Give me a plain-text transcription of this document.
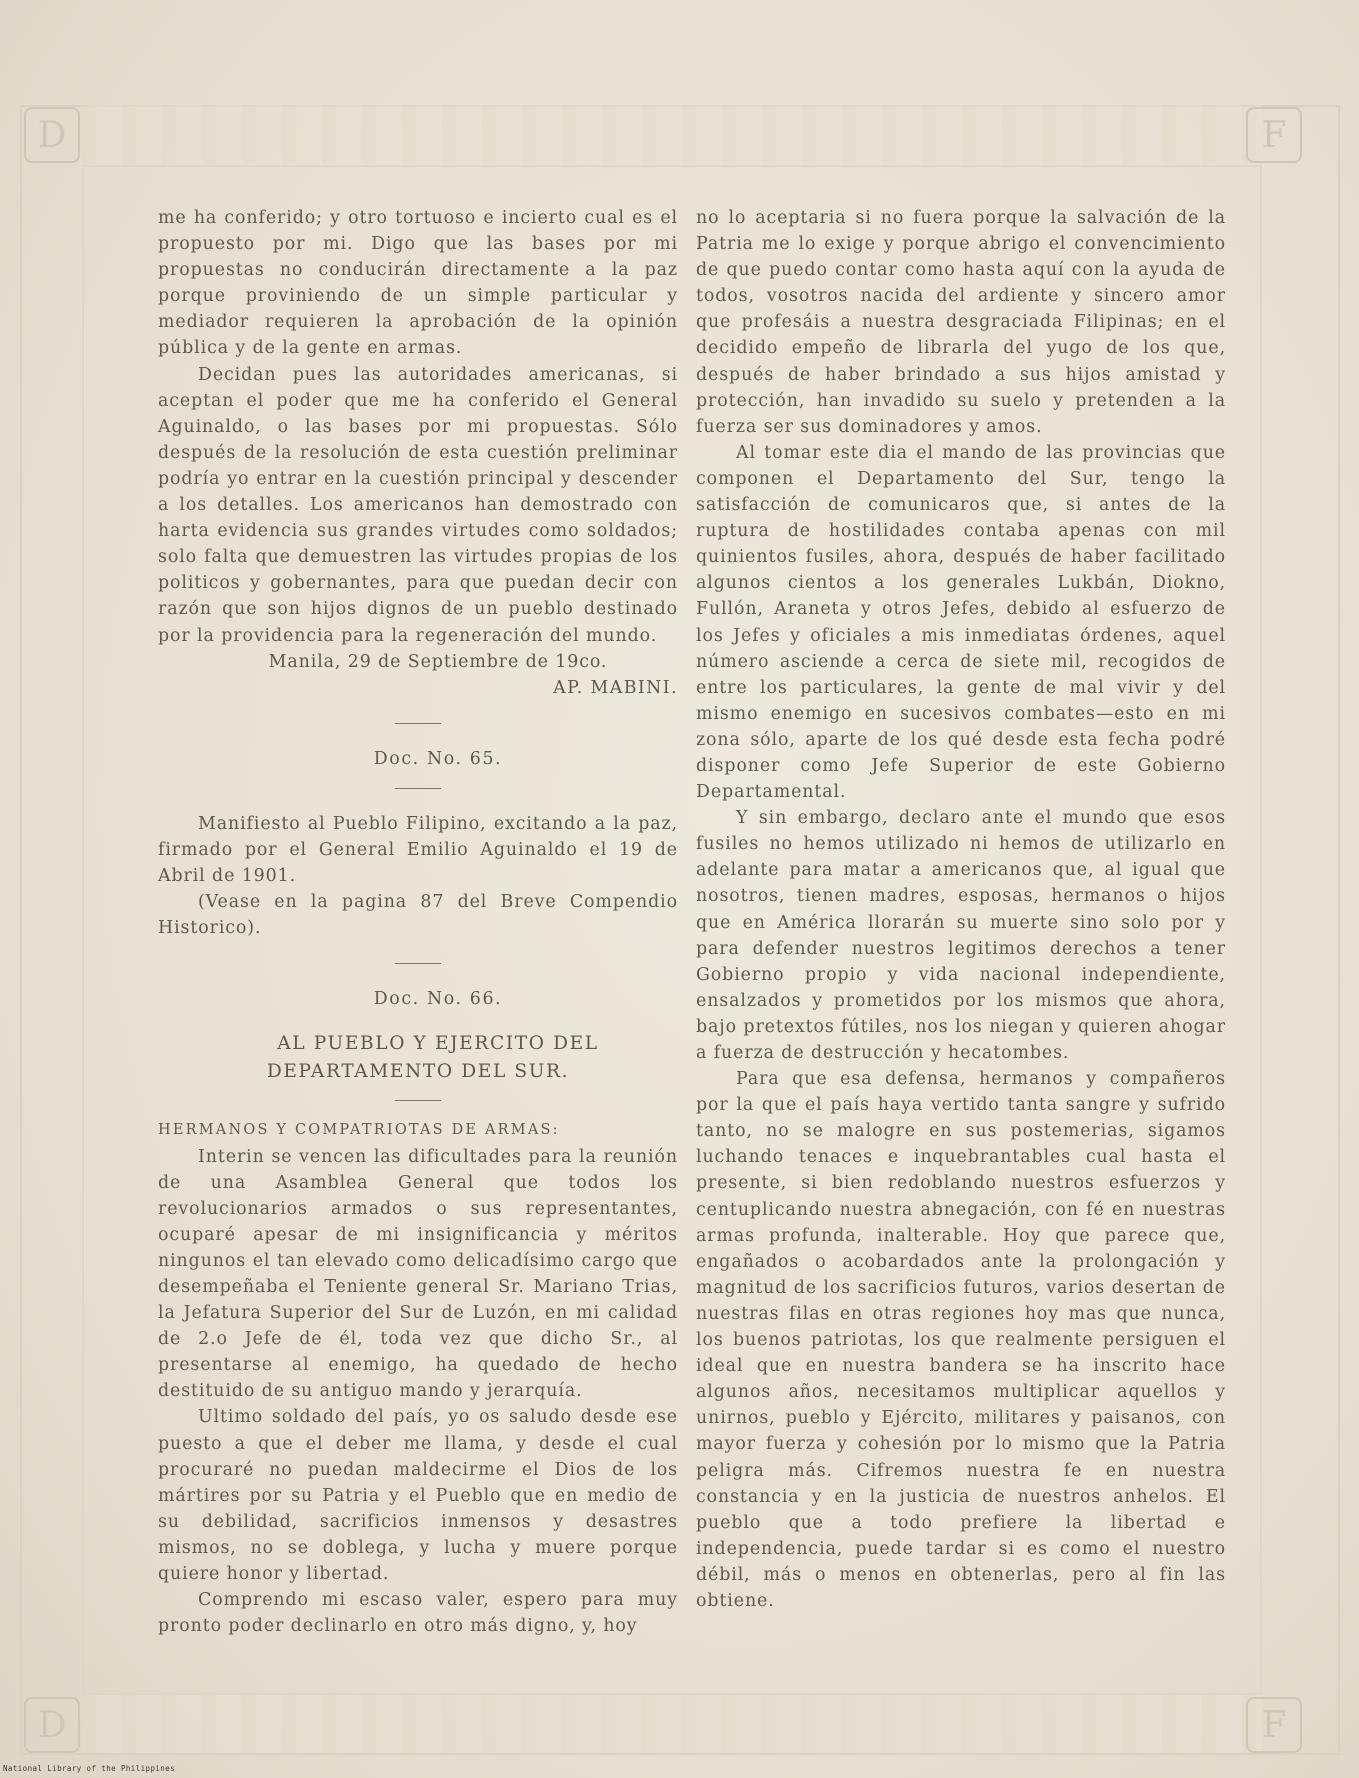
D	F
D	F

me ha conferido; y otro tortuoso e incierto cual es el propuesto por mi. Digo que las bases por mi propuestas no conducirán directamente a la paz porque proviniendo de un simple particular y mediador requieren la aprobación de la opinión pública y de la gente en armas.

Decidan pues las autoridades americanas, si aceptan el poder que me ha conferido el General Aguinaldo, o las bases por mi propuestas. Sólo después de la resolución de esta cuestión preliminar podría yo entrar en la cuestión principal y descender a los detalles. Los americanos han demostrado con harta evidencia sus grandes virtudes como soldados; solo falta que demuestren las virtudes propias de los politicos y gobernantes, para que puedan decir con razón que son hijos dignos de un pueblo destinado por la providencia para la regeneración del mundo.

Manila, 29 de Septiembre de 19co.

AP. MABINI.

Doc. No. 65.

Manifiesto al Pueblo Filipino, excitando a la paz, firmado por el General Emilio Aguinaldo el 19 de Abril de 1901.

(Vease en la pagina 87 del Breve Compendio Historico).

Doc. No. 66.

AL PUEBLO Y EJERCITO DEL DEPARTAMENTO DEL SUR.

HERMANOS Y COMPATRIOTAS DE ARMAS:

Interin se vencen las dificultades para la reunión de una Asamblea General que todos los revolucionarios armados o sus representantes, ocuparé apesar de mi insignificancia y méritos ningunos el tan elevado como delicadísimo cargo que desempeñaba el Teniente general Sr. Mariano Trias, la Jefatura Superior del Sur de Luzón, en mi calidad de 2.o Jefe de él, toda vez que dicho Sr., al presentarse al enemigo, ha quedado de hecho destituido de su antiguo mando y jerarquía.

Ultimo soldado del país, yo os saludo desde ese puesto a que el deber me llama, y desde el cual procuraré no puedan maldecirme el Dios de los mártires por su Patria y el Pueblo que en medio de su debilidad, sacrificios inmensos y desastres mismos, no se doblega, y lucha y muere porque quiere honor y libertad.

Comprendo mi escaso valer, espero para muy pronto poder declinarlo en otro más digno, y, hoy

no lo aceptaria si no fuera porque la salvación de la Patria me lo exige y porque abrigo el convencimiento de que puedo contar como hasta aquí con la ayuda de todos, vosotros nacida del ardiente y sincero amor que profesáis a nuestra desgraciada Filipinas; en el decidido empeño de librarla del yugo de los que, después de haber brindado a sus hijos amistad y protección, han invadido su suelo y pretenden a la fuerza ser sus dominadores y amos.

Al tomar este dia el mando de las provincias que componen el Departamento del Sur, tengo la satisfacción de comunicaros que, si antes de la ruptura de hostilidades contaba apenas con mil quinientos fusiles, ahora, después de haber facilitado algunos cientos a los generales Lukbán, Diokno, Fullón, Araneta y otros Jefes, debido al esfuerzo de los Jefes y oficiales a mis inmediatas órdenes, aquel número asciende a cerca de siete mil, recogidos de entre los particulares, la gente de mal vivir y del mismo enemigo en sucesivos combates—esto en mi zona sólo, aparte de los qué desde esta fecha podré disponer como Jefe Superior de este Gobierno Departamental.

Y sin embargo, declaro ante el mundo que esos fusiles no hemos utilizado ni hemos de utilizarlo en adelante para matar a americanos que, al igual que nosotros, tienen madres, esposas, hermanos o hijos que en América llorarán su muerte sino solo por y para defender nuestros legitimos derechos a tener Gobierno propio y vida nacional independiente, ensalzados y prometidos por los mismos que ahora, bajo pretextos fútiles, nos los niegan y quieren ahogar a fuerza de destrucción y hecatombes.

Para que esa defensa, hermanos y compañeros por la que el país haya vertido tanta sangre y sufrido tanto, no se malogre en sus postemerias, sigamos luchando tenaces e inquebrantables cual hasta el presente, si bien redoblando nuestros esfuerzos y centuplicando nuestra abnegación, con fé en nuestras armas profunda, inalterable. Hoy que parece que, engañados o acobardados ante la prolongación y magnitud de los sacrificios futuros, varios desertan de nuestras filas en otras regiones hoy mas que nunca, los buenos patriotas, los que realmente persiguen el ideal que en nuestra bandera se ha inscrito hace algunos años, necesitamos multiplicar aquellos y unirnos, pueblo y Ejército, militares y paisanos, con mayor fuerza y cohesión por lo mismo que la Patria peligra más. Cifremos nuestra fe en nuestra constancia y en la justicia de nuestros anhelos. El pueblo que a todo prefiere la libertad e independencia, puede tardar si es como el nuestro débil, más o menos en obtenerlas, pero al fin las obtiene.

National Library of the Philippines
